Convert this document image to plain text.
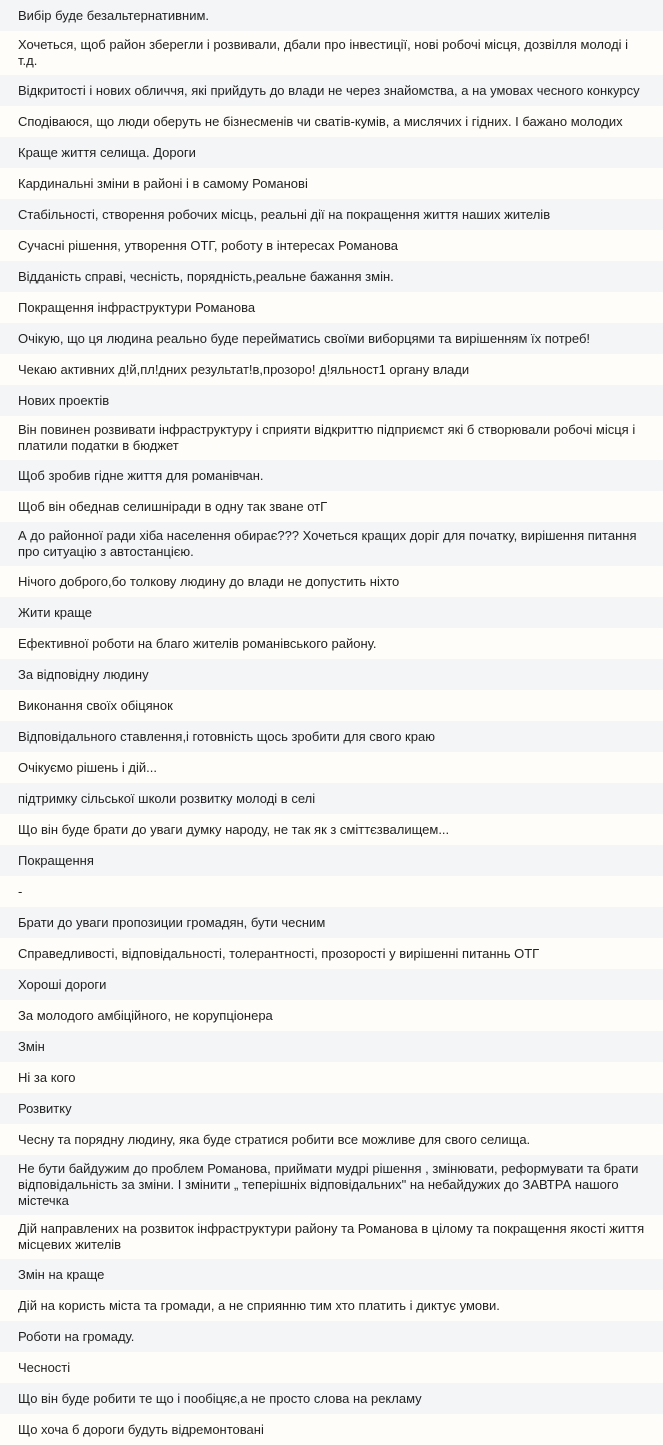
Вибір буде безальтернативним.
Хочеться, щоб район зберегли і розвивали, дбали про інвестиції, нові робочі місця, дозвілля молоді і т.д.
Відкритості і нових обличчя, які прийдуть до влади не через знайомства, а на умовах чесного конкурсу
Сподіваюся, що люди оберуть не бізнесменів чи сватів-кумів, а мислячих і гідних. І бажано молодих
Краще життя селища. Дороги
Кардинальні зміни в районі і в самому Романові
Стабільності, створення робочих місць, реальні дії на покращення життя наших жителів
Сучасні рішення, утворення ОТГ, роботу в інтересах Романова
Відданість справі, чесність, порядність,реальне бажання змін.
Покращення інфраструктури Романова
Очікую, що ця людина реально буде перейматись своїми виборцями та вирішенням їх потреб!
Чекаю активних д!й,пл!дних результат!в,прозоро! д!яльност1 органу влади
Нових проектів
Він повинен розвивати інфраструктуру і сприяти відкриттю підприємст які б створювали робочі місця і платили податки в бюджет
Щоб зробив гідне життя для романівчан.
Щоб він обеднав селишнiради в одну так зване отГ
А до районної ради хіба населення обирає??? Хочеться кращих доріг для початку, вирішення питання про ситуацію з автостанцією.
Нічого доброго,бо толкову людину до влади не допустить ніхто
Жити краще
Ефективної роботи на благо жителів романівського району.
За відповідну людину
Виконання своїх обіцянок
Відповідального ставлення,і готовність щось зробити для свого краю
Очікуємо рішень і дій...
підтримку сільської школи розвитку молоді в селі
Що він буде брати до уваги думку народу, не так як з сміттєзвалищем...
Покращення
-
Брати до уваги пропозиции громадян, бути чесним
Справедливості, відповідальності, толерантності, прозорості у вирішенні питаннь ОТГ
Хороші дороги
За молодого амбіційного, не корупціонера
Змін
Ні за кого
Розвитку
Чесну та порядну людину, яка буде стратися робити все можливе для свого селища.
Не бути байдужим до проблем Романова, приймати мудрі рішення , змінювати, реформувати та брати відповідальність за зміни. І змінити „ теперішніх відповідальних" на небайдужих до ЗАВТРА нашого містечка
Дій направлених на розвиток інфраструктури району та Романова в цілому та покращення якості життя місцевих жителів
Змін на краще
Дій на користь міста та громади, а не сприянню тим хто платить і диктує умови.
Роботи на громаду.
Чесності
Що він буде робити те що і пообіцяє,а не просто слова на рекламу
Що хоча б дороги будуть відремонтовані
